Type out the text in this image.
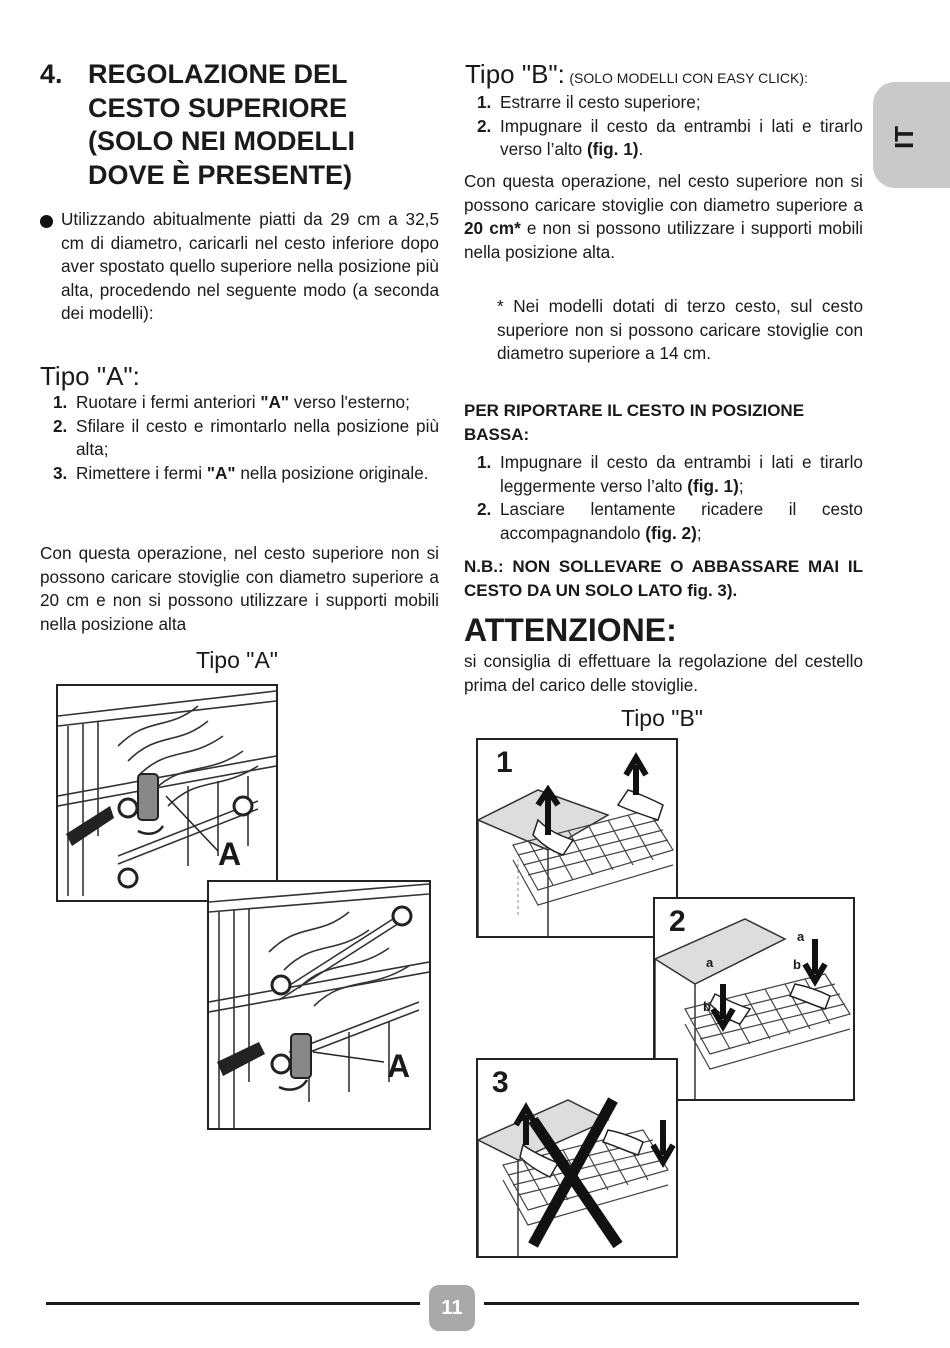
4. REGOLAZIONE DEL CESTO SUPERIORE (SOLO NEI MODELLI DOVE È PRESENTE)
Utilizzando abitualmente piatti da 29 cm a 32,5 cm di diametro, caricarli nel cesto inferiore dopo aver spostato quello superiore nella posizione più alta, procedendo nel seguente modo (a seconda dei modelli):
Tipo "A":
1. Ruotare i fermi anteriori "A" verso l'esterno;
2. Sfilare il cesto e rimontarlo nella posizione più alta;
3. Rimettere i fermi "A" nella posizione originale.
Con questa operazione, nel cesto superiore non si possono caricare stoviglie con diametro superiore a 20 cm e non si possono utilizzare i supporti mobili nella posizione alta
Tipo "A"
A
A
Tipo "B": (SOLO MODELLI CON EASY CLICK):
1. Estrarre il cesto superiore;
2. Impugnare il cesto da entrambi i lati e tirarlo verso l’alto (fig. 1).
Con questa operazione, nel cesto superiore non si possono caricare stoviglie con diametro superiore a 20 cm* e non si possono utilizzare i supporti mobili nella posizione alta.
* Nei modelli dotati di terzo cesto, sul cesto superiore non si possono caricare stoviglie con diametro superiore a 14 cm.
PER RIPORTARE IL CESTO IN POSIZIONE BASSA:
1. Impugnare il cesto da entrambi i lati e tirarlo leggermente verso l’alto (fig. 1);
2. Lasciare lentamente ricadere il cesto accompagnandolo (fig. 2);
N.B.: NON SOLLEVARE O ABBASSARE MAI IL CESTO DA UN SOLO LATO fig. 3).
ATTENZIONE:
si consiglia di effettuare la regolazione del cestello prima del carico delle stoviglie.
Tipo "B"
1
2	a
b
a
b
3
IT
11
